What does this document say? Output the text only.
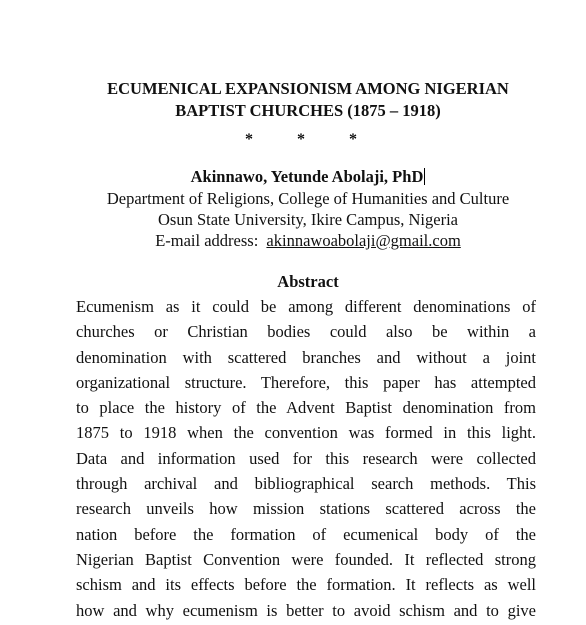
ECUMENICAL EXPANSIONISM AMONG NIGERIAN
BAPTIST CHURCHES (1875 – 1918)
*	*	*
Akinnawo, Yetunde Abolaji, PhD
Department of Religions, College of Humanities and Culture
Osun State University, Ikire Campus, Nigeria
E-mail address: akinnawoabolaji@gmail.com
Abstract
Ecumenism as it could be among different denominations of
churches or Christian bodies could also be within a
denomination with scattered branches and without a joint
organizational structure. Therefore, this paper has attempted
to place the history of the Advent Baptist denomination from
1875 to 1918 when the convention was formed in this light.
Data and information used for this research were collected
through archival and bibliographical search methods. This
research unveils how mission stations scattered across the
nation before the formation of ecumenical body of the
Nigerian Baptist Convention were founded. It reflected strong
schism and its effects before the formation. It reflects as well
how and why ecumenism is better to avoid schism and to give
